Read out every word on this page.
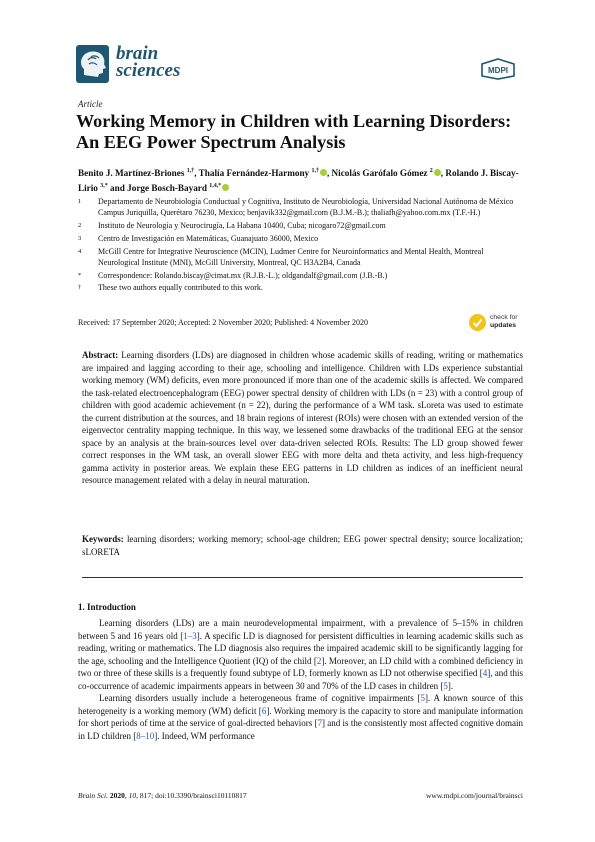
brain
sciences	MDPI
Article
Working Memory in Children with Learning Disorders: An EEG Power Spectrum Analysis
Benito J. Martínez-Briones $^{1,\dagger}$, Thalía Fernández-Harmony $^{1,\dagger}$ , Nicolás Garófalo Gómez $^2$ , Rolando J. Biscay-Lirio $^{3,*}$ and Jorge Bosch-Bayard $^{1,4,*}$
1	Departamento de Neurobiología Conductual y Cognitiva, Instituto de Neurobiología, Universidad Nacional Autónoma de México Campus Juriquilla, Querétaro 76230, Mexico; benjavik332@gmail.com (B.J.M.-B.); thaliafh@yahoo.com.mx (T.F.-H.)
2	Instituto de Neurología y Neurocirugía, La Habana 10400, Cuba; nicogaro72@gmail.com
3	Centro de Investigación en Matemáticas, Guanajuato 36000, Mexico
4	McGill Centre for Integrative Neuroscience (MCIN), Ludmer Centre for Neuroinformatics and Mental Health, Montreal Neurological Institute (MNI), McGill University, Montreal, QC H3A2B4, Canada
*	Correspondence: Rolando.biscay@cimat.mx (R.J.B.-L.); oldgandalf@gmail.com (J.B.-B.)
†	These two authors equally contributed to this work.
Received: 17 September 2020; Accepted: 2 November 2020; Published: 4 November 2020
check for
updates
Abstract: Learning disorders (LDs) are diagnosed in children whose academic skills of reading, writing or mathematics are impaired and lagging according to their age, schooling and intelligence. Children with LDs experience substantial working memory (WM) deficits, even more pronounced if more than one of the academic skills is affected. We compared the task-related electroencephalogram (EEG) power spectral density of children with LDs (n = 23) with a control group of children with good academic achievement (n = 22), during the performance of a WM task. sLoreta was used to estimate the current distribution at the sources, and 18 brain regions of interest (ROIs) were chosen with an extended version of the eigenvector centrality mapping technique. In this way, we lessened some drawbacks of the traditional EEG at the sensor space by an analysis at the brain-sources level over data-driven selected ROIs. Results: The LD group showed fewer correct responses in the WM task, an overall slower EEG with more delta and theta activity, and less high-frequency gamma activity in posterior areas. We explain these EEG patterns in LD children as indices of an inefficient neural resource management related with a delay in neural maturation.
Keywords: learning disorders; working memory; school-age children; EEG power spectral density; source localization; sLORETA
1. Introduction

Learning disorders (LDs) are a main neurodevelopmental impairment, with a prevalence of 5–15% in children between 5 and 16 years old [1–3]. A specific LD is diagnosed for persistent difficulties in learning academic skills such as reading, writing or mathematics. The LD diagnosis also requires the impaired academic skill to be significantly lagging for the age, schooling and the Intelligence Quotient (IQ) of the child [2]. Moreover, an LD child with a combined deficiency in two or three of these skills is a frequently found subtype of LD, formerly known as LD not otherwise specified [4], and this co-occurrence of academic impairments appears in between 30 and 70% of the LD cases in children [5].

Learning disorders usually include a heterogeneous frame of cognitive impairments [5]. A known source of this heterogeneity is a working memory (WM) deficit [6]. Working memory is the capacity to store and manipulate information for short periods of time at the service of goal-directed behaviors [7] and is the consistently most affected cognitive domain in LD children [8–10]. Indeed, WM performance

Brain Sci. 2020, 10, 817; doi:10.3390/brainsci10110817	www.mdpi.com/journal/brainsci
